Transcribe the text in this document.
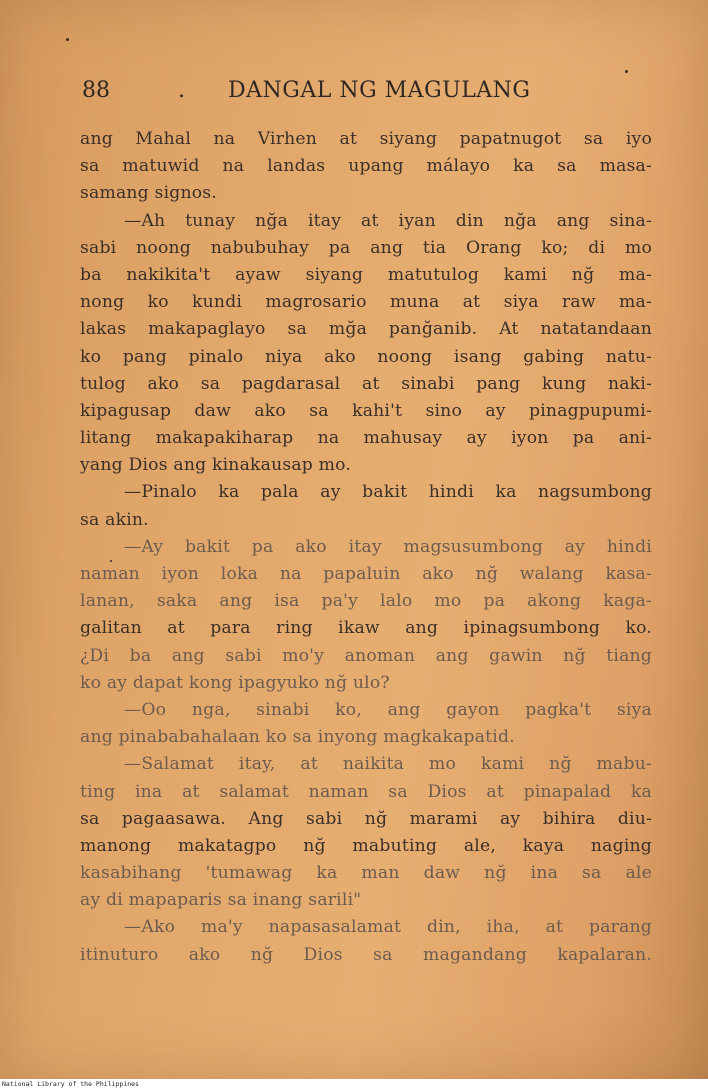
88	. DANGAL NG MAGULANG
ang Mahal na Virhen at siyang papatnugot sa iyo
sa matuwid na landas upang málayo ka sa masa-
samang signos.
—Ah tunay nğa itay at iyan din nğa ang sina-
sabi noong nabubuhay pa ang tia Orang ko; di mo
ba nakikita't ayaw siyang matutulog kami nğ ma-
nong ko kundi magrosario muna at siya raw ma-
lakas makapaglayo sa mğa panğanib. At natatandaan
ko pang pinalo niya ako noong isang gabing natu-
tulog ako sa pagdarasal at sinabi pang kung naki-
kipagusap daw ako sa kahi't sino ay pinagpupumi-
litang makapakiharap na mahusay ay iyon pa ani-
yang Dios ang kinakausap mo.
—Pinalo ka pala ay bakit hindi ka nagsumbong
sa akin.
—Ay bakit pa ako itay magsusumbong ay hindi
naman iyon loka na papaluin ako nğ walang kasa-
lanan, saka ang isa pa'y lalo mo pa akong kaga-
galitan at para ring ikaw ang ipinagsumbong ko.
¿Di ba ang sabi mo'y anoman ang gawin nğ tiang
ko ay dapat kong ipagyuko nğ ulo?
—Oo nga, sinabi ko, ang gayon pagka't siya
ang pinababahalaan ko sa inyong magkakapatid.
—Salamat itay, at naikita mo kami nğ mabu-
ting ina at salamat naman sa Dios at pinapalad ka
sa pagaasawa. Ang sabi nğ marami ay bihira diu-
manong makatagpo nğ mabuting ale, kaya naging
kasabihang 'tumawag ka man daw nğ ina sa ale
ay di mapaparis sa inang sarili"
—Ako ma'y napasasalamat din, iha, at parang
itinuturo ako nğ Dios sa magandang kapalaran.
National Library of the Philippines
